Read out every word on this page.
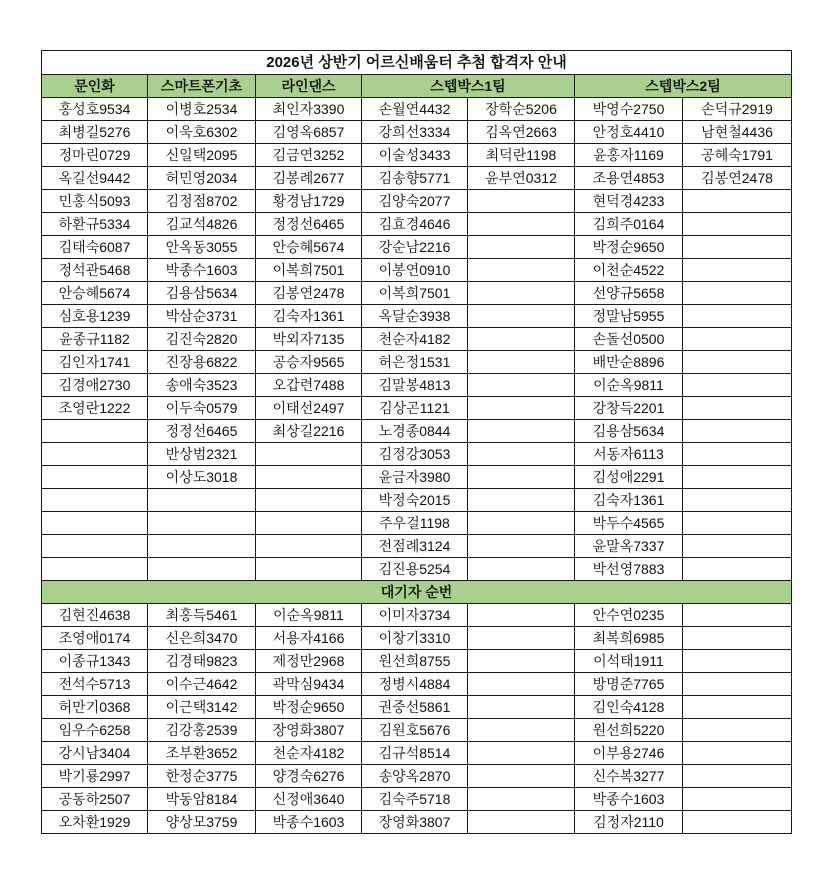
2026년 상반기 어르신배움터 추첨 합격자 안내						
문인화	스마트폰기초	라인댄스	스텝박스1팀		스텝박스2팀	
홍성호9534	이병호2534	최인자3390	손월연4432	장학순5206	박영수2750	손덕규2919
최병길5276	이욱호6302	김영옥6857	강희선3334	김옥연2663	안정호4410	남현철4436
정마린0729	신일택2095	김금연3252	이술성3433	최덕란1198	윤홍자1169	공혜숙1791
옥길선9442	허민영2034	김봉례2677	김송향5771	윤부연0312	조용연4853	김봉연2478
민홍식5093	김정점8702	황경남1729	김양숙2077		현덕경4233	
하환규5334	김교석4826	정정선6465	김효경4646		김희주0164	
김태숙6087	안옥동3055	안승혜5674	강순남2216		박정순9650	
정석관5468	박종수1603	이복희7501	이봉연0910		이천순4522	
안승혜5674	김용삼5634	김봉연2478	이복희7501		선양규5658	
심호용1239	박삼순3731	김숙자1361	옥달순3938		정말남5955	
윤종규1182	김진숙2820	박외자7135	천순자4182		손돌선0500	
김인자1741	진장용6822	공승자9565	허은정1531		배만순8896	
김경애2730	송애숙3523	오갑련7488	김말봉4813		이순옥9811	
조영란1222	이두숙0579	이태선2497	김상곤1121		강창득2201	
	정정선6465	최상길2216	노경종0844		김용삼5634	
	반상범2321		김정강3053		서동자6113	
	이상도3018		윤금자3980		김성애2291	
			박정숙2015		김숙자1361	
			주우걸1198		박두수4565	
			전점례3124		윤말옥7337	
			김진용5254		박선영7883	
대기자 순번						
김현진4638	최홍득5461	이순옥9811	이미자3734		안수연0235	
조영애0174	신은희3470	서용자4166	이창기3310		최복희6985	
이종규1343	김경태9823	제정만2968	원선희8755		이석태1911	
전석수5713	이수근4642	곽막심9434	정병시4884		방명준7765	
허만기0368	이근택3142	박정순9650	권중선5861		김인숙4128	
임우수6258	김강홍2539	장영화3807	김원호5676		원선희5220	
강시남3404	조부환3652	천순자4182	김규석8514		이부용2746	
박기룡2997	한정순3775	양경숙6276	송양옥2870		신수복3277	
공동하2507	박동암8184	신정애3640	김숙주5718		박종수1603	
오차환1929	양상모3759	박종수1603	장영화3807		김정자2110	
